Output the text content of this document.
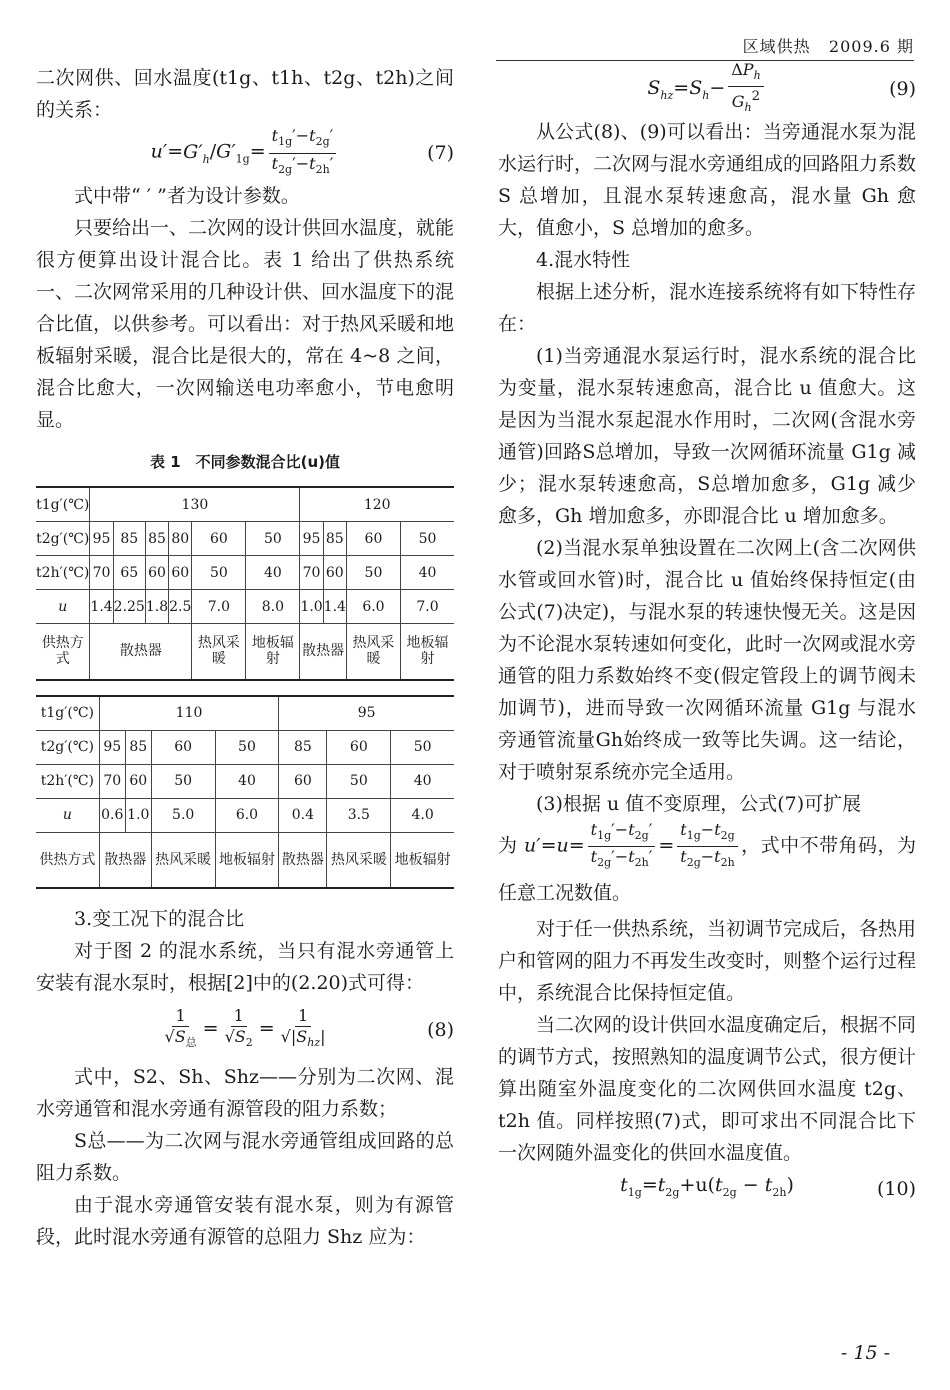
区域供热 2009.6 期

二次网供、回水温度(t1g、t1h、t2g、t2h)之间的关系：

$u'=G'_h/G'_{1g}= \frac{t_{1g}'-t_{2g}'}{t_{2g}'-t_{2h}'}$	(7)

式中带“ ′ ”者为设计参数。

只要给出一、二次网的设计供回水温度，就能很方便算出设计混合比。表 1 给出了供热系统一、二次网常采用的几种设计供、回水温度下的混合比值，以供参考。可以看出：对于热风采暖和地板辐射采暖，混合比是很大的，常在 4~8 之间，混合比愈大，一次网输送电功率愈小，节电愈明显。

表 1　不同参数混合比(u)值
t1g′(℃)	130						120			
t2g′(℃)	95	85	85	80	60	50	95	85	60	50
t2h′(℃)	70	65	60	60	50	40	70	60	50	40
u	1.4	2.25	1.8	2.5	7.0	8.0	1.0	1.4	6.0	7.0
供热方式	散热器				热风采暖	地板辐射	散热器		热风采暖	地板辐射
t1g′(℃)	110				95		
t2g′(℃)	95	85	60	50	85	60	50
t2h′(℃)	70	60	50	40	60	50	40
u	0.6	1.0	5.0	6.0	0.4	3.5	4.0
供热方式	散热器		热风采暖	地板辐射	散热器	热风采暖	地板辐射

3.变工况下的混合比

对于图 2 的混水系统，当只有混水旁通管上安装有混水泵时，根据[2]中的(2.20)式可得：

$\frac{1}{√S_总} = \frac{1}{√S_2} = \frac{1}{√|S_{hz}|}$	(8)

式中，S2、Sh、Shz——分别为二次网、混水旁通管和混水旁通有源管段的阻力系数；

S总——为二次网与混水旁通管组成回路的总阻力系数。

由于混水旁通管安装有混水泵，则为有源管段，此时混水旁通有源管的总阻力 Shz 应为：

$S_{hz}=S_h- \frac{\Delta P_h}{G_h^2}$	(9)

从公式(8)、(9)可以看出：当旁通混水泵为混水运行时，二次网与混水旁通组成的回路阻力系数 S 总增加，且混水泵转速愈高，混水量 Gh 愈大，值愈小，S 总增加的愈多。

4.混水特性

根据上述分析，混水连接系统将有如下特性存在：

(1)当旁通混水泵运行时，混水系统的混合比为变量，混水泵转速愈高，混合比 u 值愈大。这是因为当混水泵起混水作用时，二次网(含混水旁通管)回路S总增加，导致一次网循环流量 G1g 减少；混水泵转速愈高，S总增加愈多，G1g 减少愈多，Gh 增加愈多，亦即混合比 u 增加愈多。

(2)当混水泵单独设置在二次网上(含二次网供水管或回水管)时，混合比 u 值始终保持恒定(由公式(7)决定)，与混水泵的转速快慢无关。这是因为不论混水泵转速如何变化，此时一次网或混水旁通管的阻力系数始终不变(假定管段上的调节阀未加调节)，进而导致一次网循环流量 G1g 与混水旁通管流量Gh始终成一致等比失调。这一结论，对于喷射泵系统亦完全适用。

(3)根据 u 值不变原理，公式(7)可扩展

为 $u'=u= \frac{t_{1g}'-t_{2g}'}{t_{2g}'-t_{2h}'} = \frac{t_{1g}-t_{2g}}{t_{2g}-t_{2h}}$ ，式中不带角码，为任意工况数值。

对于任一供热系统，当初调节完成后，各热用户和管网的阻力不再发生改变时，则整个运行过程中，系统混合比保持恒定值。

当二次网的设计供回水温度确定后，根据不同的调节方式，按照熟知的温度调节公式，很方便计算出随室外温度变化的二次网供回水温度 t2g、t2h 值。同样按照(7)式，即可求出不同混合比下一次网随外温变化的供回水温度值。

$t_{1g}=t_{2g}+u(t_{2g} - t_{2h})$	(10)
- 15 -
